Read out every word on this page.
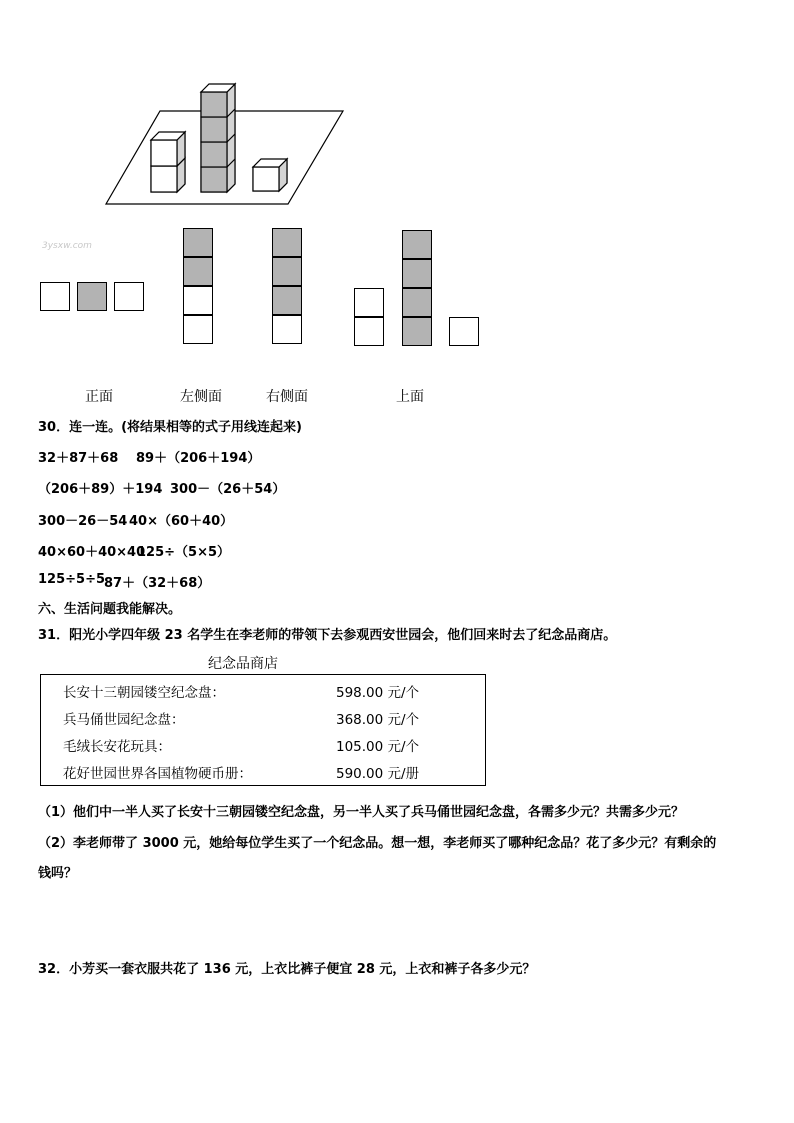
3ysxw.com
正面	左侧面	右侧面	上面
30．连一连。(将结果相等的式子用线连起来)
32＋87＋68 89＋（206＋194）
（206＋89）＋194 300－（26＋54）
300－26－54 40×（60＋40）
40×60＋40×40
125÷（5×5）
125÷5÷5
87＋（32＋68）
六、生活问题我能解决。
31．阳光小学四年级 23 名学生在李老师的带领下去参观西安世园会，他们回来时去了纪念品商店。
纪念品商店
长安十三朝园镂空纪念盘：	598.00 元/个
兵马俑世园纪念盘：	368.00 元/个
毛绒长安花玩具：	105.00 元/个
花好世园世界各国植物硬币册：	590.00 元/册
（1）他们中一半人买了长安十三朝园镂空纪念盘，另一半人买了兵马俑世园纪念盘，各需多少元？共需多少元？
（2）李老师带了 3000 元，她给每位学生买了一个纪念品。想一想，李老师买了哪种纪念品？花了多少元？有剩余的
钱吗？
32．小芳买一套衣服共花了 136 元，上衣比裤子便宜 28 元，上衣和裤子各多少元？
